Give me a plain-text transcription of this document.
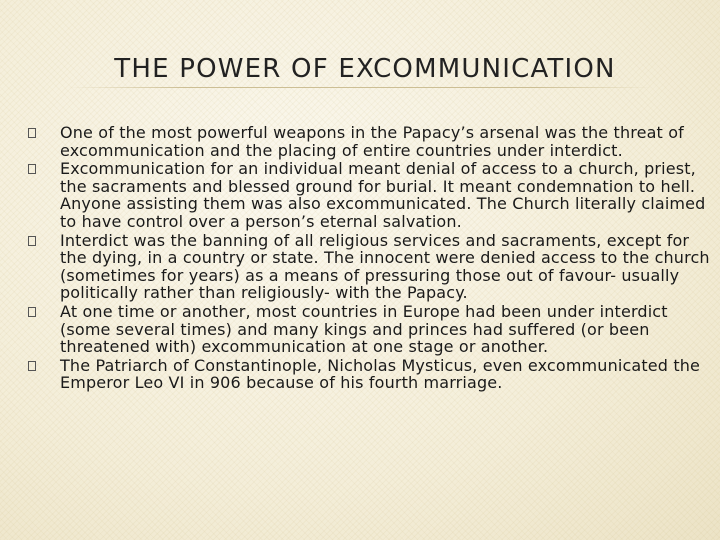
THE POWER OF EXCOMMUNICATION
One of the most powerful weapons in the Papacy’s arsenal was the threat of excommunication and the placing of entire countries under interdict.
Excommunication for an individual meant denial of access to a church, priest, the sacraments and blessed ground for burial. It meant condemnation to hell. Anyone assisting them was also excommunicated. The Church literally claimed to have control over a person’s eternal salvation.
Interdict was the banning of all religious services and sacraments, except for the dying, in a country or state. The innocent were denied access to the church (sometimes for years) as a means of pressuring those out of favour- usually politically rather than religiously- with the Papacy.
At one time or another, most countries in Europe had been under interdict (some several times) and many kings and princes had suffered (or been threatened with) excommunication at one stage or another.
The Patriarch of Constantinople, Nicholas Mysticus, even excommunicated the Emperor Leo VI in 906 because of his fourth marriage.
